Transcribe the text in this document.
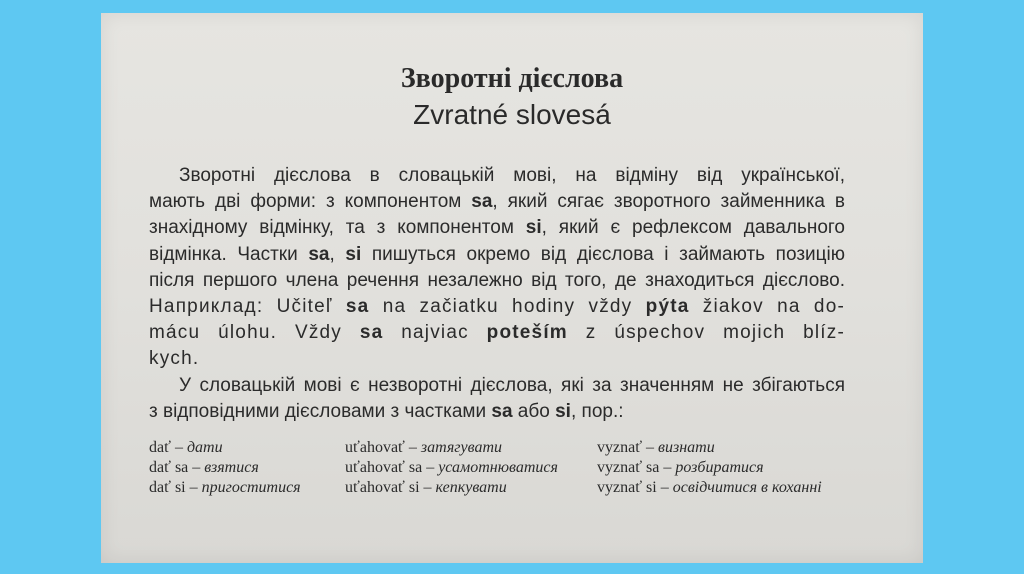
Зворотні дієслова
Zvratné slovesá
Зворотні дієслова в словацькій мові, на відміну від української,
мають дві форми: з компонентом sa, який сягає зворотного займенника в
знахідному відмінку, та з компонентом si, який є рефлексом давального
відмінка. Частки sa, si пишуться окремо від дієслова і займають позицію
після першого члена речення незалежно від того, де знаходиться дієслово.
Наприклад: Učiteľ sa na začiatku hodiny vždy pýta žiakov na do-
mácu úlohu. Vždy sa najviac poteším z úspechov mojich blíz-
kych.
У словацькій мові є незворотні дієслова, які за значенням не збігаються
з відповідними дієсловами з частками sa або si, пор.:
dať – дати
dať sa – взятися
dať si – пригоститися
uťahovať – затягувати
uťahovať sa – усамотнюватися
uťahovať si – кепкувати
vyznať – визнати
vyznať sa – розбиратися
vyznať si – освідчитися в коханні
